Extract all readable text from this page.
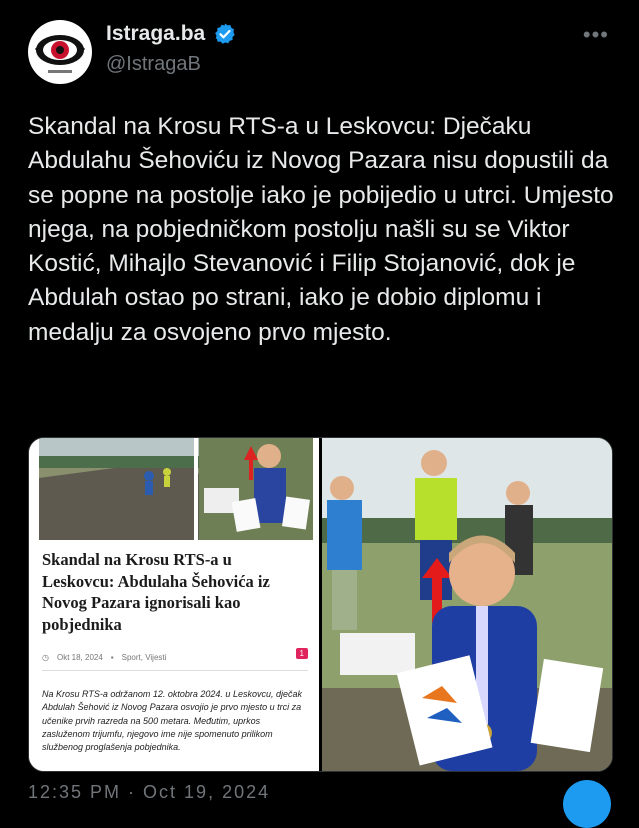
Istraga.ba
@IstragaB
•••
Skandal na Krosu RTS-a u Leskovcu: Dječaku Abdulahu Šehoviću iz Novog Pazara nisu dopustili da se popne na postolje iako je pobijedio u utrci. Umjesto njega, na pobjedničkom postolju našli su se Viktor Kostić, Mihajlo Stevanović i Filip Stojanović, dok je Abdulah ostao po strani, iako je dobio diplomu i medalju za osvojeno prvo mjesto.
Skandal na Krosu RTS-a u Leskovcu: Abdulaha Šehovića iz Novog Pazara ignorisali kao pobjednika
◷ Okt 18, 2024 ▪ Sport, Vijesti	1
Na Krosu RTS-a održanom 12. oktobra 2024. u Leskovcu, dječak Abdulah Šehović iz Novog Pazara osvojio je prvo mjesto u trci za učenike prvih razreda na 500 metara. Međutim, uprkos zasluženom trijumfu, njegovo ime nije spomenuto prilikom službenog proglašenja pobjednika.
12:35 PM · Oct 19, 2024
